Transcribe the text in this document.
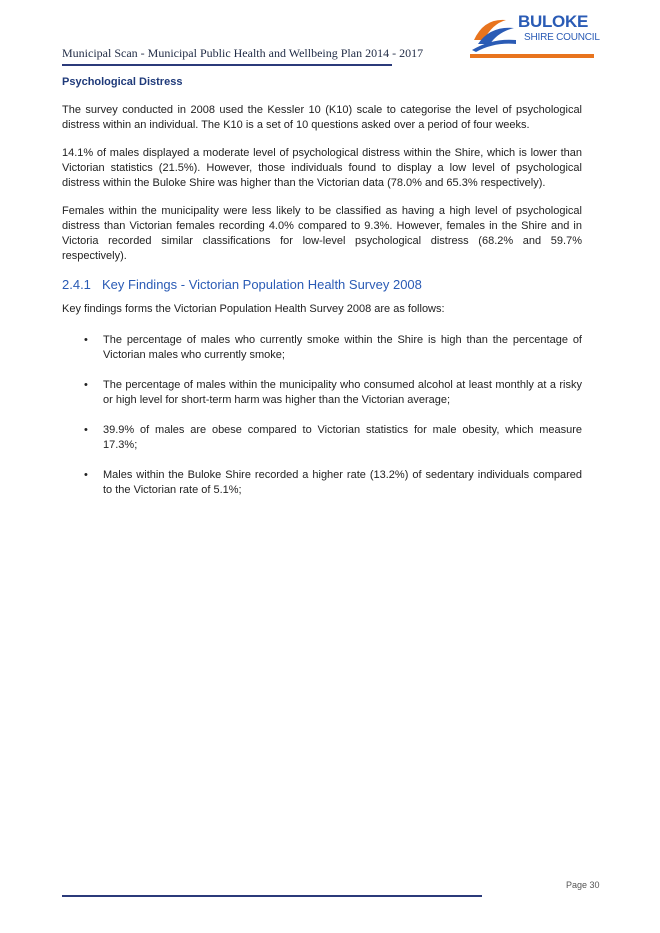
Municipal Scan - Municipal Public Health and Wellbeing Plan 2014 - 2017
BULOKE
SHIRE COUNCIL
Psychological Distress

The survey conducted in 2008 used the Kessler 10 (K10) scale to categorise the level of psychological distress within an individual. The K10 is a set of 10 questions asked over a period of four weeks.

14.1% of males displayed a moderate level of psychological distress within the Shire, which is lower than Victorian statistics (21.5%). However, those individuals found to display a low level of psychological distress within the Buloke Shire was higher than the Victorian data (78.0% and 65.3% respectively).

Females within the municipality were less likely to be classified as having a high level of psychological distress than Victorian females recording 4.0% compared to 9.3%. However, females in the Shire and in Victoria recorded similar classifications for low-level psychological distress (68.2% and 59.7% respectively).

2.4.1 Key Findings - Victorian Population Health Survey 2008

Key findings forms the Victorian Population Health Survey 2008 are as follows:

• The percentage of males who currently smoke within the Shire is high than the percentage of Victorian males who currently smoke;
• The percentage of males within the municipality who consumed alcohol at least monthly at a risky or high level for short-term harm was higher than the Victorian average;
• 39.9% of males are obese compared to Victorian statistics for male obesity, which measure 17.3%;
• Males within the Buloke Shire recorded a higher rate (13.2%) of sedentary individuals compared to the Victorian rate of 5.1%;
Page 30
